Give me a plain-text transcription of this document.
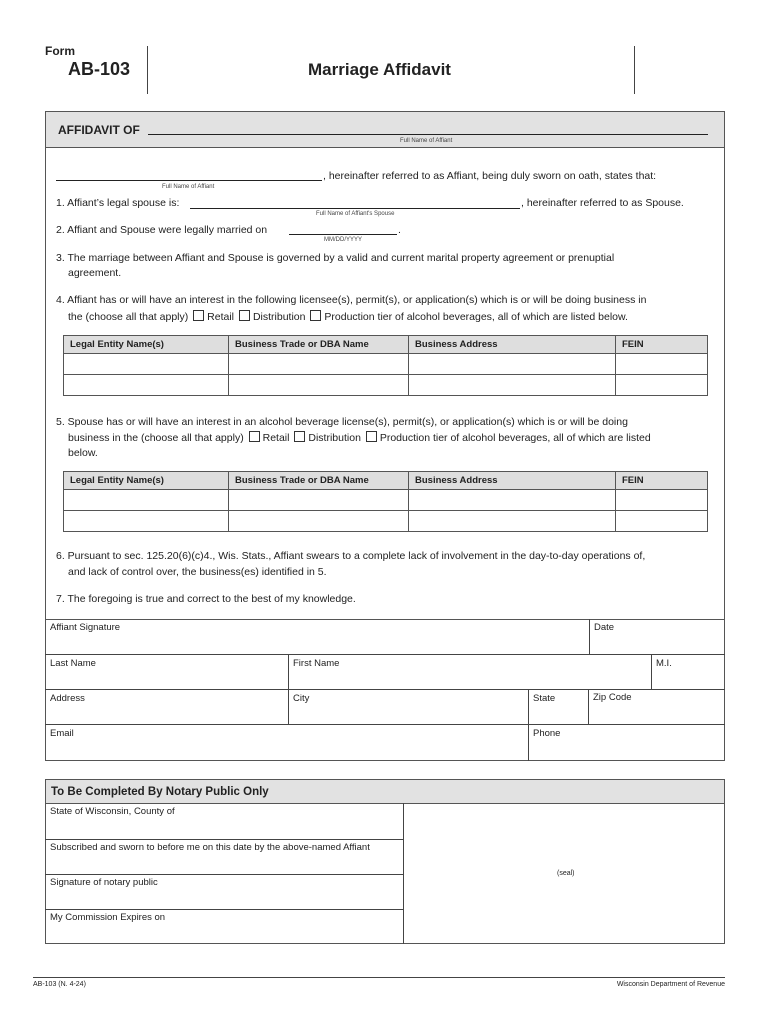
Form
AB-103	Marriage Affidavit
AFFIDAVIT OF
Full Name of Affiant
, hereinafter referred to as Affiant, being duly sworn on oath, states that:
Full Name of Affiant
1. Affiant’s legal spouse is:	, hereinafter referred to as Spouse.
Full Name of Affiant's Spouse
2. Affiant and Spouse were legally married on	.
MM/DD/YYYY
3. The marriage between Affiant and Spouse is governed by a valid and current marital property agreement or prenuptial
agreement.
4. Affiant has or will have an interest in the following licensee(s), permit(s), or application(s) which is or will be doing business in
the (choose all that apply) Retail Distribution Production tier of alcohol beverages, all of which are listed below.
Legal Entity Name(s)	Business Trade or DBA Name	Business Address	FEIN

5. Spouse has or will have an interest in an alcohol beverage license(s), permit(s), or application(s) which is or will be doing
business in the (choose all that apply) Retail Distribution Production tier of alcohol beverages, all of which are listed
below.
Legal Entity Name(s)	Business Trade or DBA Name	Business Address	FEIN

6. Pursuant to sec. 125.20(6)(c)4., Wis. Stats., Affiant swears to a complete lack of involvement in the day-to-day operations of,
and lack of control over, the business(es) identified in 5.
7. The foregoing is true and correct to the best of my knowledge.
Affiant Signature	Date
Last Name	First Name	M.I.
Address	City	State	Zip Code
Email	Phone
To Be Completed By Notary Public Only
State of Wisconsin, County of
Subscribed and sworn to before me on this date by the above-named Affiant
Signature of notary public
My Commission Expires on
(seal)
AB-103 (N. 4-24)	Wisconsin Department of Revenue
